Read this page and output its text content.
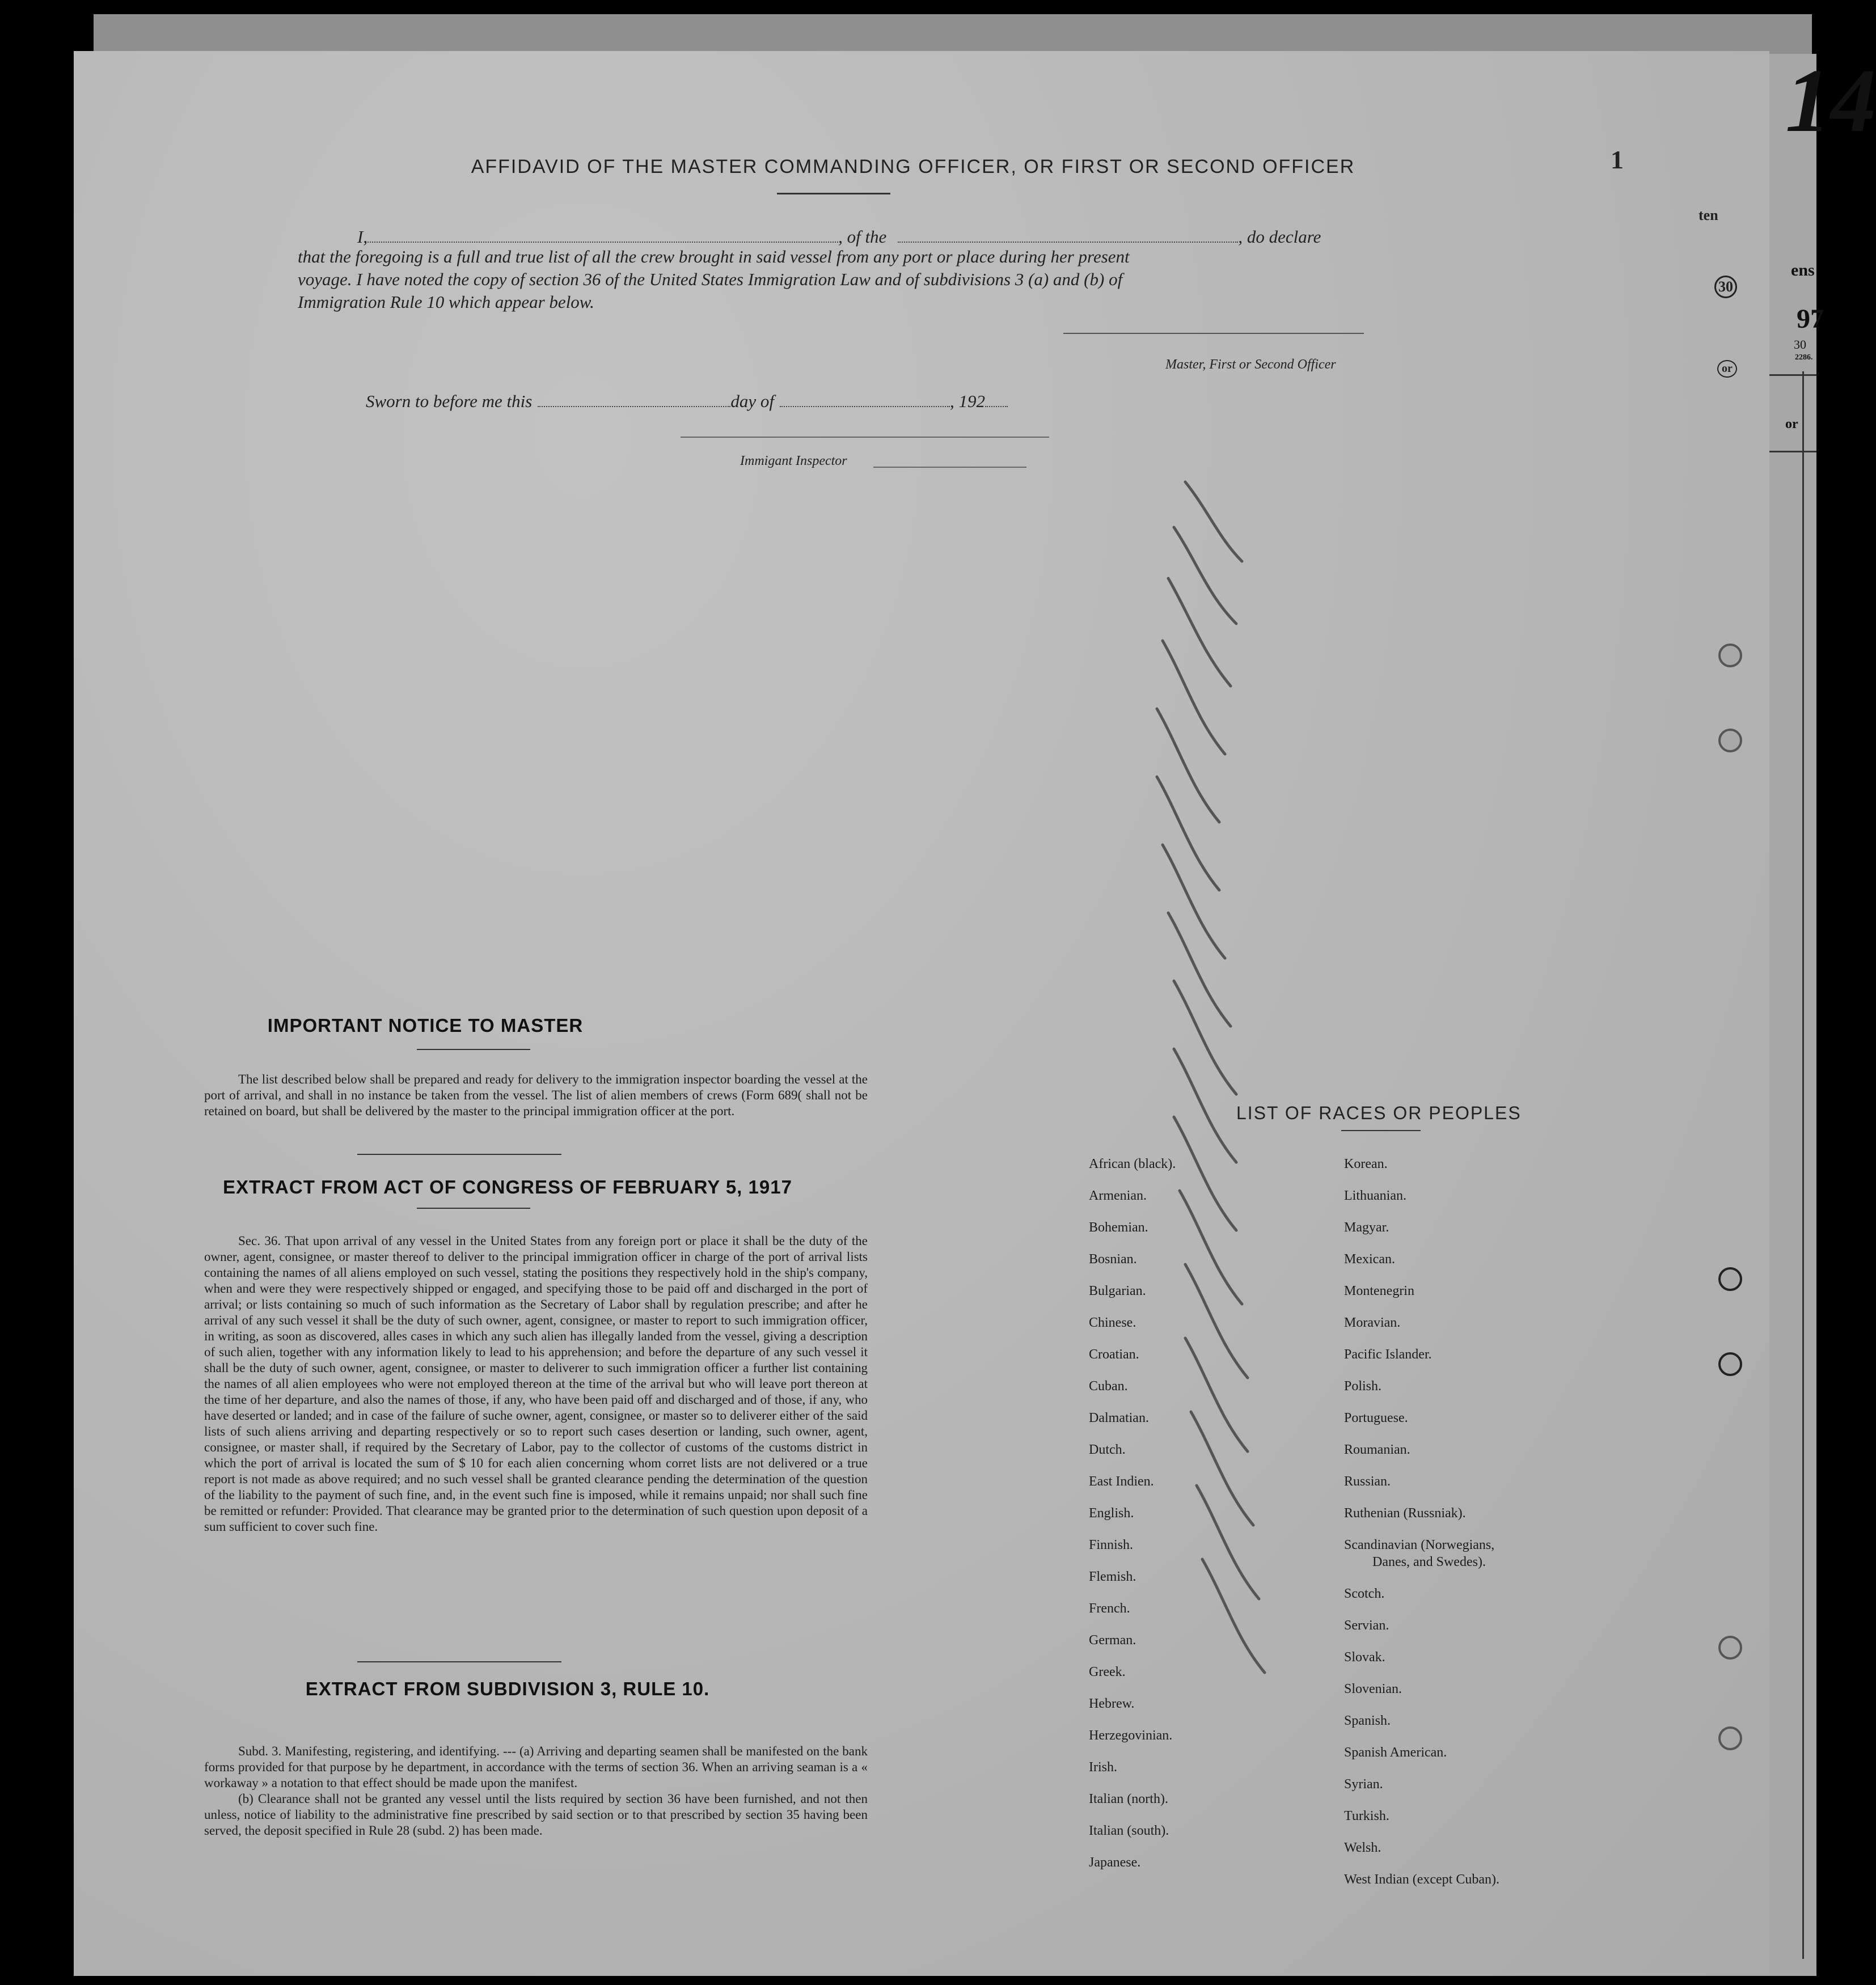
14
ens
97
30
2286.
or
1
ten
30
or
AFFIDAVID OF THE MASTER COMMANDING OFFICER, OR FIRST OR SECOND OFFICER
I,	, of the	, do declare
that the foregoing is a full and true list of all the crew brought in said vessel from any port or place during her present
voyage. I have noted the copy of section 36 of the United States Immigration Law and of subdivisions 3 (a) and (b) of
Immigration Rule 10 which appear below.
Master, First or Second Officer
Sworn to before me this	day of	, 192
Immigant Inspector
IMPORTANT NOTICE TO MASTER

The list described below shall be prepared and ready for delivery to the immigration inspector boarding the vessel at the port of arrival, and shall in no instance be taken from the vessel. The list of alien members of crews (Form 689( shall not be retained on board, but shall be delivered by the master to the principal immigration officer at the port.

EXTRACT FROM ACT OF CONGRESS OF FEBRUARY 5, 1917

Sec. 36. That upon arrival of any vessel in the United States from any foreign port or place it shall be the duty of the owner, agent, consignee, or master thereof to deliver to the principal immigration officer in charge of the port of arrival lists containing the names of all aliens employed on such vessel, stating the positions they respectively hold in the ship's company, when and were they were respectively shipped or engaged, and specifying those to be paid off and discharged in the port of arrival; or lists containing so much of such information as the Secretary of Labor shall by regulation prescribe; and after he arrival of any such vessel it shall be the duty of such owner, agent, consignee, or master to report to such immigration officer, in writing, as soon as discovered, alles cases in which any such alien has illegally landed from the vessel, giving a description of such alien, together with any information likely to lead to his apprehension; and before the departure of any such vessel it shall be the duty of such owner, agent, consignee, or master to deliverer to such immigration officer a further list containing the names of all alien employees who were not employed thereon at the time of the arrival but who will leave port thereon at the time of her departure, and also the names of those, if any, who have been paid off and discharged and of those, if any, who have deserted or landed; and in case of the failure of suche owner, agent, consignee, or master so to deliverer either of the said lists of such aliens arriving and departing respectively or so to report such cases desertion or landing, such owner, agent, consignee, or master shall, if required by the Secretary of Labor, pay to the collector of customs of the customs district in which the port of arrival is located the sum of $ 10 for each alien concerning whom corret lists are not delivered or a true report is not made as above required; and no such vessel shall be granted clearance pending the determination of the question of the liability to the payment of such fine, and, in the event such fine is imposed, while it remains unpaid; nor shall such fine be remitted or refunder: Provided. That clearance may be granted prior to the determination of such question upon deposit of a sum sufficient to cover such fine.

EXTRACT FROM SUBDIVISION 3, RULE 10.

Subd. 3. Manifesting, registering, and identifying. --- (a) Arriving and departing seamen shall be manifested on the bank forms provided for that purpose by he department, in accordance with the terms of section 36. When an arriving seaman is a « workaway » a notation to that effect should be made upon the manifest.

(b) Clearance shall not be granted any vessel until the lists required by section 36 have been furnished, and not then unless, notice of liability to the administrative fine prescribed by said section or to that prescribed by section 35 having been served, the deposit specified in Rule 28 (subd. 2) has been made.

LIST OF RACES OR PEOPLES
African (black).
Armenian.
Bohemian.
Bosnian.
Bulgarian.
Chinese.
Croatian.
Cuban.
Dalmatian.
Dutch.
East Indien.
English.
Finnish.
Flemish.
French.
German.
Greek.
Hebrew.
Herzegovinian.
Irish.
Italian (north).
Italian (south).
Japanese.
Korean.
Lithuanian.
Magyar.
Mexican.
Montenegrin
Moravian.
Pacific Islander.
Polish.
Portuguese.
Roumanian.
Russian.
Ruthenian (Russniak).
Scandinavian (Norwegians,
Danes, and Swedes).
Scotch.
Servian.
Slovak.
Slovenian.
Spanish.
Spanish American.
Syrian.
Turkish.
Welsh.
West Indian (except Cuban).
